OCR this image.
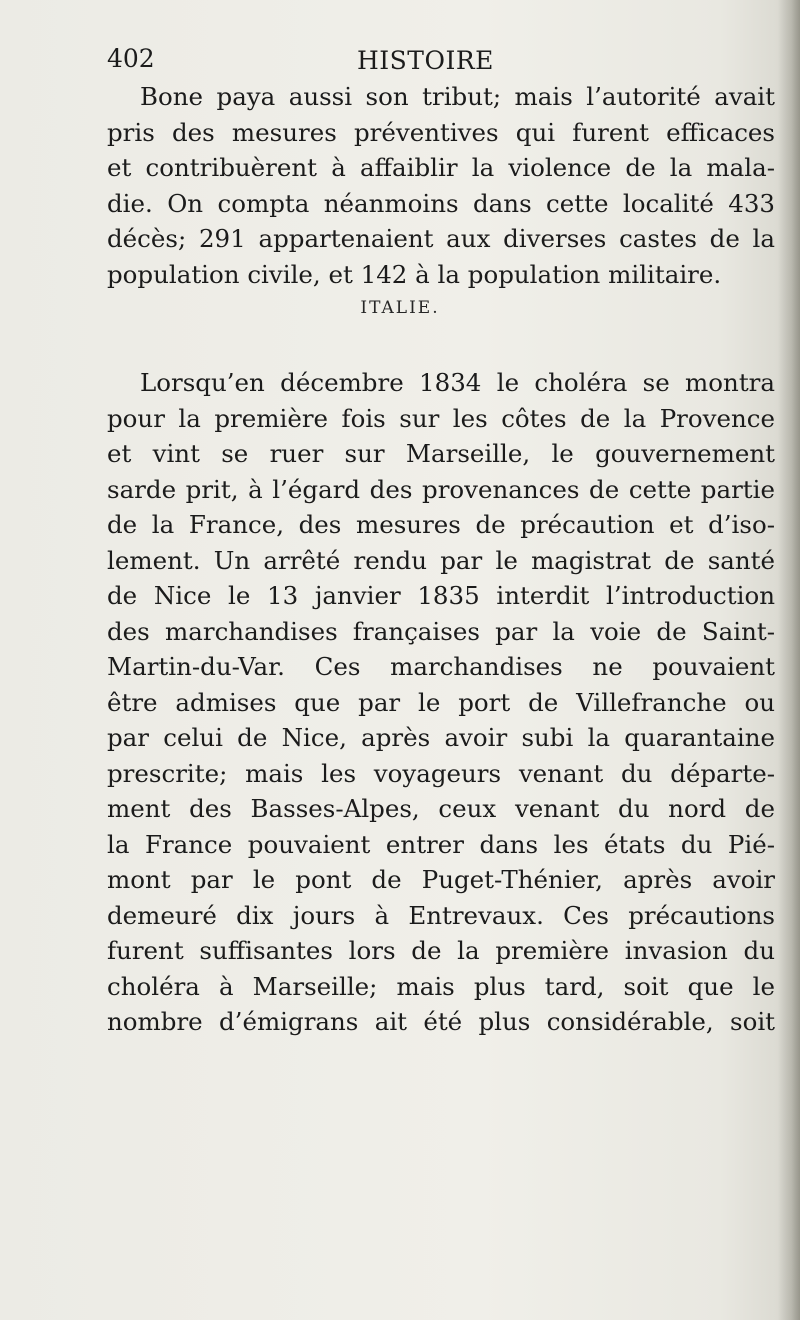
402	HISTOIRE
Bone paya aussi son tribut; mais l’autorité avait
pris des mesures préventives qui furent efficaces
et contribuèrent à affaiblir la violence de la mala-
die. On compta néanmoins dans cette localité 433
décès; 291 appartenaient aux diverses castes de la
population civile, et 142 à la population militaire.
ITALIE.
Lorsqu’en décembre 1834 le choléra se montra
pour la première fois sur les côtes de la Provence
et vint se ruer sur Marseille, le gouvernement
sarde prit, à l’égard des provenances de cette partie
de la France, des mesures de précaution et d’iso-
lement. Un arrêté rendu par le magistrat de santé
de Nice le 13 janvier 1835 interdit l’introduction
des marchandises françaises par la voie de Saint-
Martin-du-Var. Ces marchandises ne pouvaient
être admises que par le port de Villefranche ou
par celui de Nice, après avoir subi la quarantaine
prescrite; mais les voyageurs venant du départe-
ment des Basses-Alpes, ceux venant du nord de
la France pouvaient entrer dans les états du Pié-
mont par le pont de Puget-Thénier, après avoir
demeuré dix jours à Entrevaux. Ces précautions
furent suffisantes lors de la première invasion du
choléra à Marseille; mais plus tard, soit que le
nombre d’émigrans ait été plus considérable, soit
